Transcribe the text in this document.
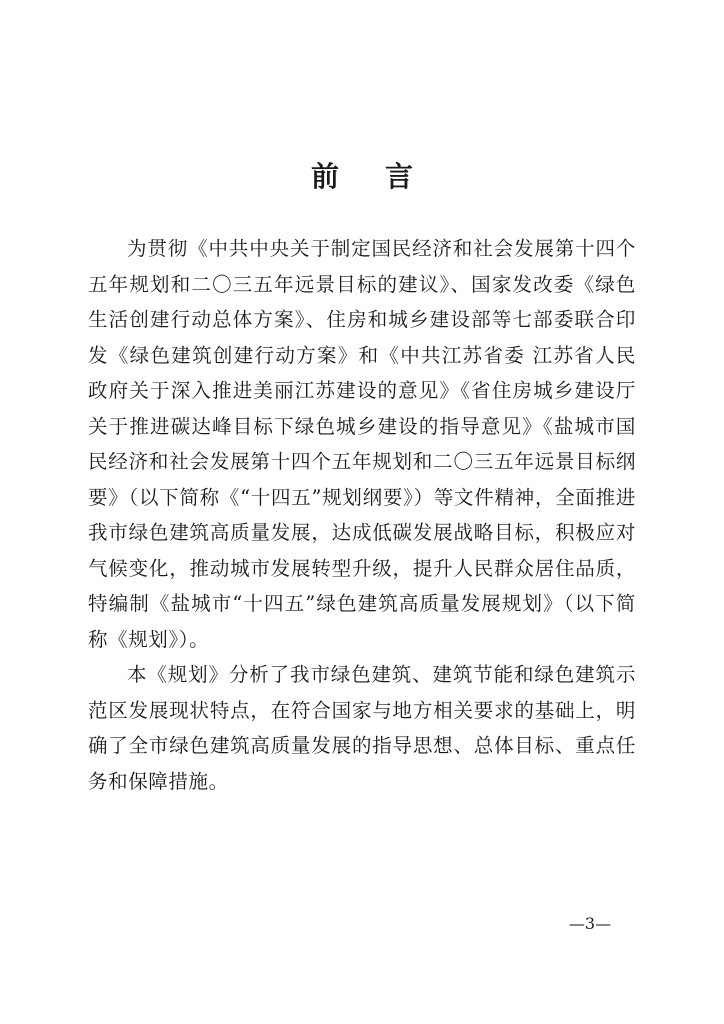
前 言

为贯彻《中共中央关于制定国民经济和社会发展第十四个五年规划和二〇三五年远景目标的建议》、国家发改委《绿色生活创建行动总体方案》、住房和城乡建设部等七部委联合印发《绿色建筑创建行动方案》和《中共江苏省委 江苏省人民政府关于深入推进美丽江苏建设的意见》《省住房城乡建设厅关于推进碳达峰目标下绿色城乡建设的指导意见》《盐城市国民经济和社会发展第十四个五年规划和二〇三五年远景目标纲要》（以下简称《“十四五”规划纲要》）等文件精神，全面推进我市绿色建筑高质量发展，达成低碳发展战略目标，积极应对气候变化，推动城市发展转型升级，提升人民群众居住品质，特编制《盐城市“十四五”绿色建筑高质量发展规划》（以下简称《规划》）。

本《规划》分析了我市绿色建筑、建筑节能和绿色建筑示范区发展现状特点，在符合国家与地方相关要求的基础上，明确了全市绿色建筑高质量发展的指导思想、总体目标、重点任务和保障措施。

—3—
